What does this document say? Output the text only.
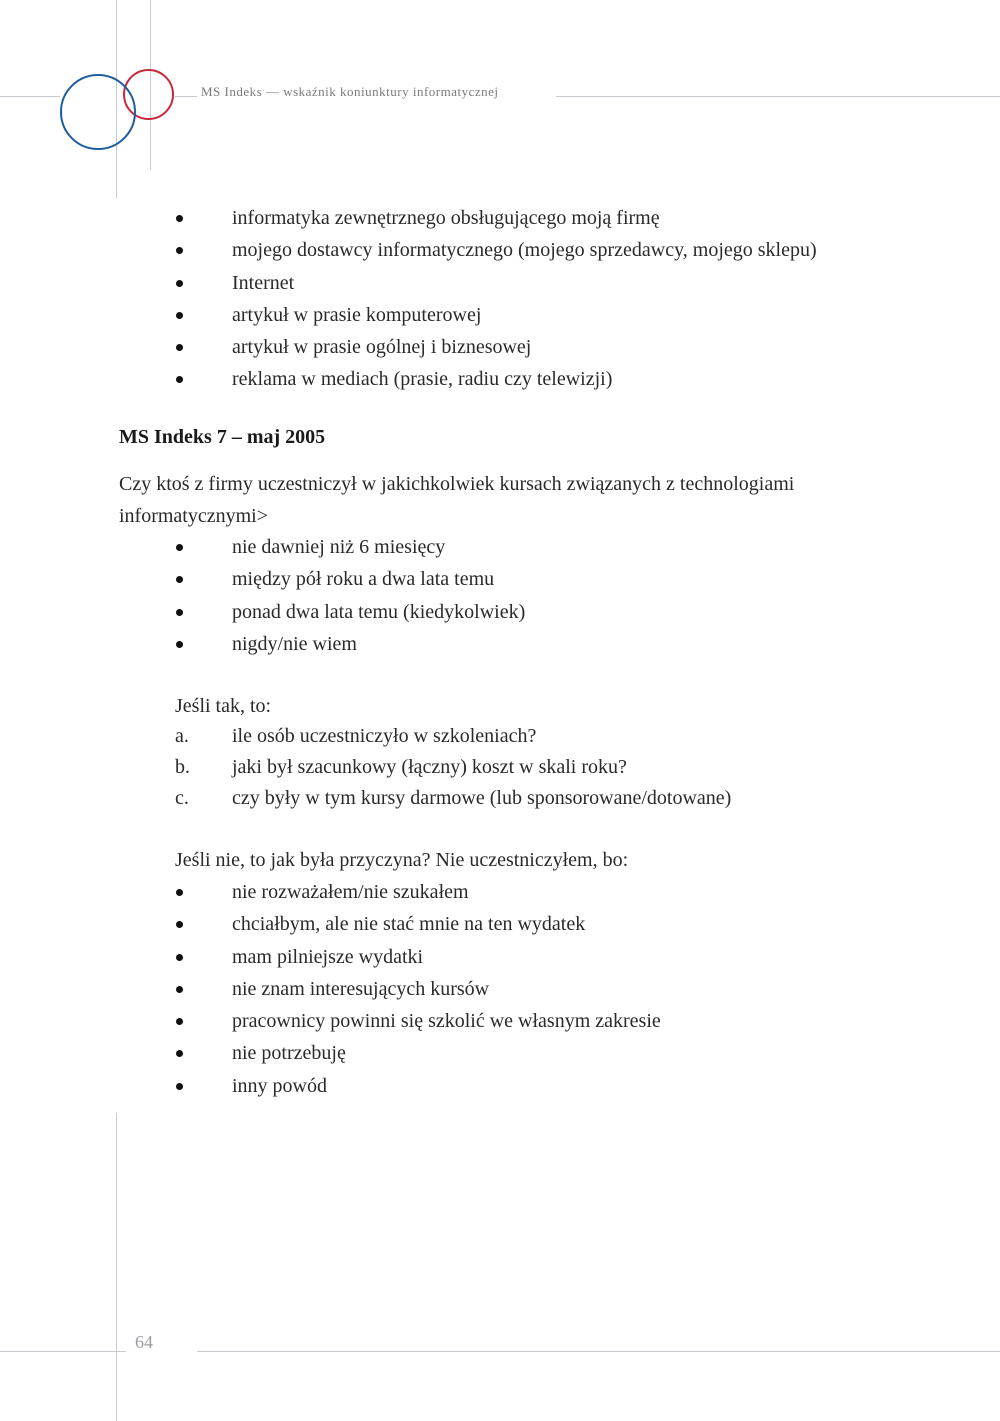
MS Indeks — wskaźnik koniunktury informatycznej
informatyka zewnętrznego obsługującego moją firmę
mojego dostawcy informatycznego (mojego sprzedawcy, mojego sklepu)
Internet
artykuł w prasie komputerowej
artykuł w prasie ogólnej i biznesowej
reklama w mediach (prasie, radiu czy telewizji)
MS Indeks 7 – maj 2005
Czy ktoś z firmy uczestniczył w jakichkolwiek kursach związanych z technologiami
informatycznymi>
nie dawniej niż 6 miesięcy
między pół roku a dwa lata temu
ponad dwa lata temu (kiedykolwiek)
nigdy/nie wiem
Jeśli tak, to:
a. ile osób uczestniczyło w szkoleniach?
b. jaki był szacunkowy (łączny) koszt w skali roku?
c. czy były w tym kursy darmowe (lub sponsorowane/dotowane)
Jeśli nie, to jak była przyczyna? Nie uczestniczyłem, bo:
nie rozważałem/nie szukałem
chciałbym, ale nie stać mnie na ten wydatek
mam pilniejsze wydatki
nie znam interesujących kursów
pracownicy powinni się szkolić we własnym zakresie
nie potrzebuję
inny powód
64
